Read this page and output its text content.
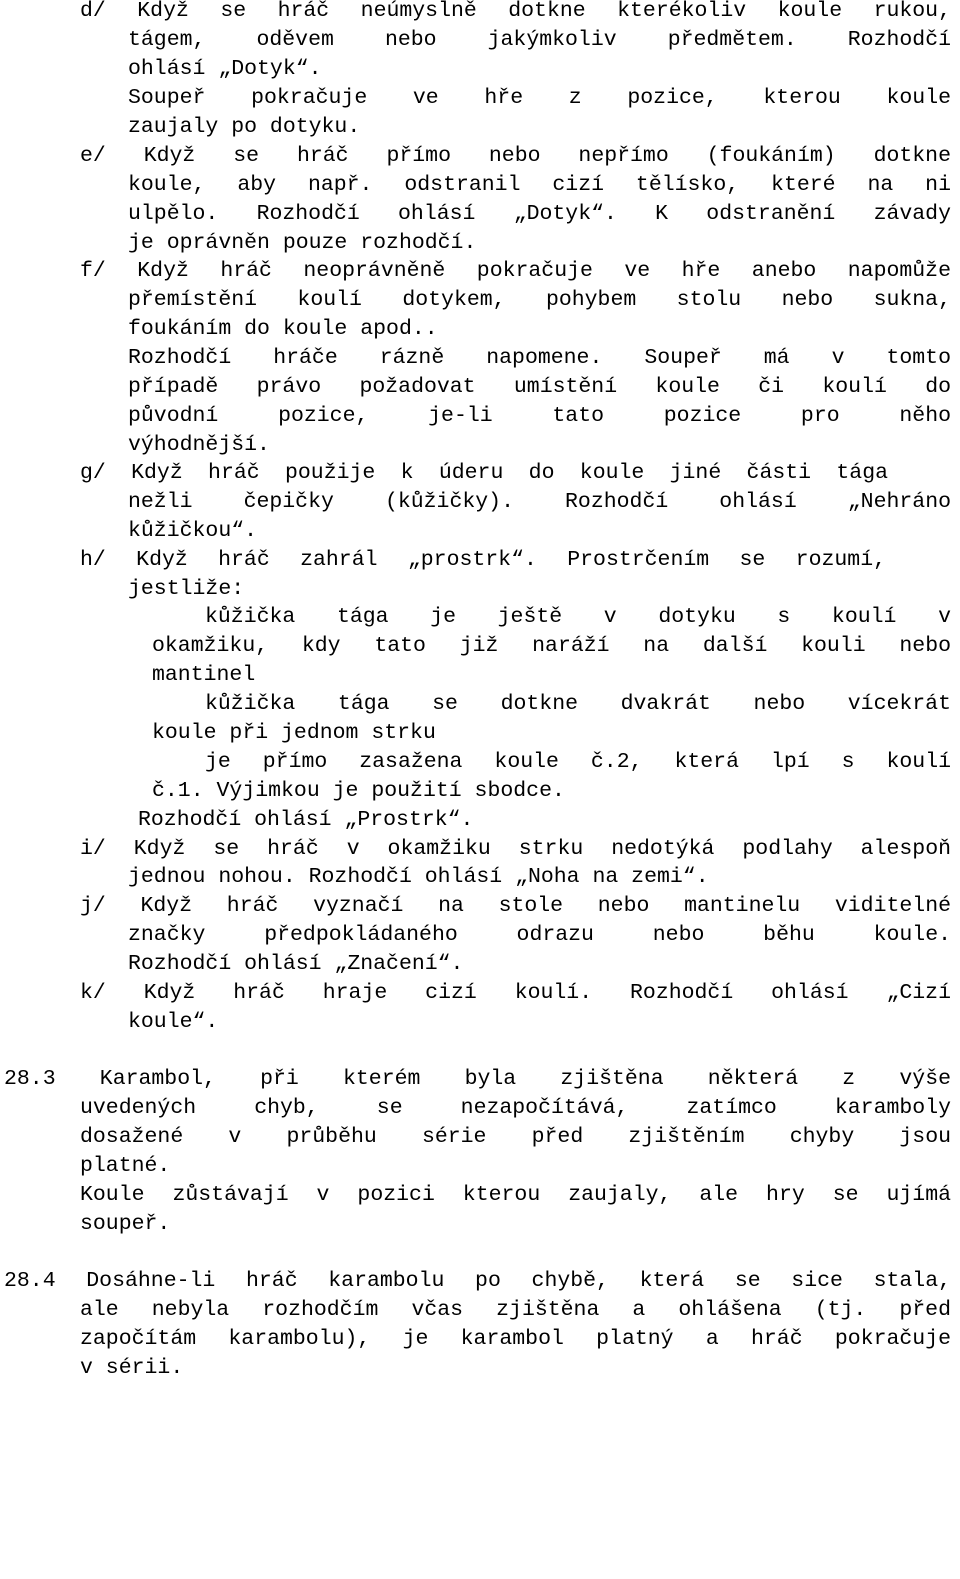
d/ Když se hráč neúmyslně dotkne kterékoliv koule rukou,

tágem, oděvem nebo jakýmkoliv předmětem. Rozhodčí

ohlásí „Dotyk“.

Soupeř pokračuje ve hře z pozice, kterou koule

zaujaly po dotyku.

e/ Když se hráč přímo nebo nepřímo (foukáním) dotkne

koule, aby např. odstranil cizí tělísko, které na ni

ulpělo. Rozhodčí ohlásí „Dotyk“. K odstranění závady

je oprávněn pouze rozhodčí.

f/ Když hráč neoprávněně pokračuje ve hře anebo napomůže

přemístění koulí dotykem, pohybem stolu nebo sukna,

foukáním do koule apod..

Rozhodčí hráče rázně napomene. Soupeř má v tomto

případě právo požadovat umístění koule či koulí do

původní pozice, je-li tato pozice pro něho

výhodnější.

g/ Když hráč použije k úderu do koule jiné části tága

nežli čepičky (kůžičky). Rozhodčí ohlásí „Nehráno

kůžičkou“.

h/ Když hráč zahrál „prostrk“. Prostrčením se rozumí,

jestliže:

kůžička tága je ještě v dotyku s koulí v

okamžiku, kdy tato již naráží na další kouli nebo

mantinel

kůžička tága se dotkne dvakrát nebo vícekrát

koule při jednom strku

je přímo zasažena koule č.2, která lpí s koulí

č.1. Výjimkou je použití sbodce.

Rozhodčí ohlásí „Prostrk“.

i/ Když se hráč v okamžiku strku nedotýká podlahy alespoň

jednou nohou. Rozhodčí ohlásí „Noha na zemi“.

j/ Když hráč vyznačí na stole nebo mantinelu viditelné

značky předpokládaného odrazu nebo běhu koule.

Rozhodčí ohlásí „Značení“.

k/ Když hráč hraje cizí koulí. Rozhodčí ohlásí „Cizí

koule“.

28.3 Karambol, při kterém byla zjištěna některá z výše

uvedených chyb, se nezapočítává, zatímco karamboly

dosažené v průběhu série před zjištěním chyby jsou

platné.

Koule zůstávají v pozici kterou zaujaly, ale hry se ujímá

soupeř.

28.4 Dosáhne-li hráč karambolu po chybě, která se sice stala,

ale nebyla rozhodčím včas zjištěna a ohlášena (tj. před

započítám karambolu), je karambol platný a hráč pokračuje

v sérii.
